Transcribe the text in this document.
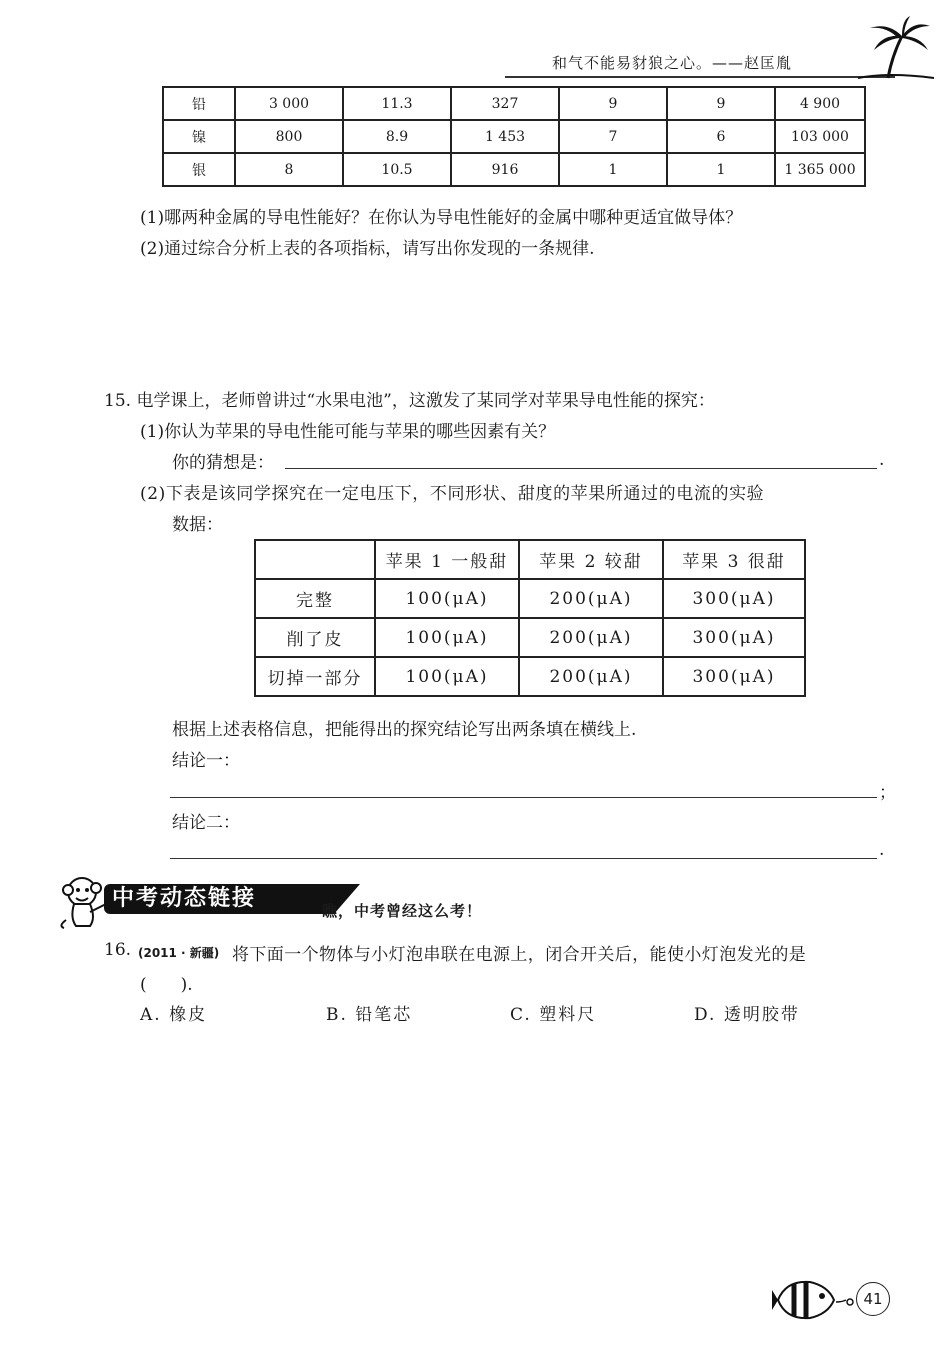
和气不能易豺狼之心。——赵匡胤
铅	3 000	11.3	327	9	9	4 900
镍	800	8.9	1 453	7	6	103 000
银	8	10.5	916	1	1	1 365 000
(1)哪两种金属的导电性能好？在你认为导电性能好的金属中哪种更适宜做导体？
(2)通过综合分析上表的各项指标，请写出你发现的一条规律.
15. 电学课上，老师曾讲过“水果电池”，这激发了某同学对苹果导电性能的探究：
(1)你认为苹果的导电性能可能与苹果的哪些因素有关？
你的猜想是：	.
(2)下表是该同学探究在一定电压下，不同形状、甜度的苹果所通过的电流的实验
数据：
	苹果 1 一般甜	苹果 2 较甜	苹果 3 很甜
完整	100(μA)	200(μA)	300(μA)
削了皮	100(μA)	200(μA)	300(μA)
切掉一部分	100(μA)	200(μA)	300(μA)
根据上述表格信息，把能得出的探究结论写出两条填在横线上.
结论一：
；
结论二：
.
中考动态链接	瞧，中考曾经这么考！
16. (2011 · 新疆) 将下面一个物体与小灯泡串联在电源上，闭合开关后，能使小灯泡发光的是
(　　).
A. 橡皮	B. 铅笔芯	C. 塑料尺	D. 透明胶带
41
